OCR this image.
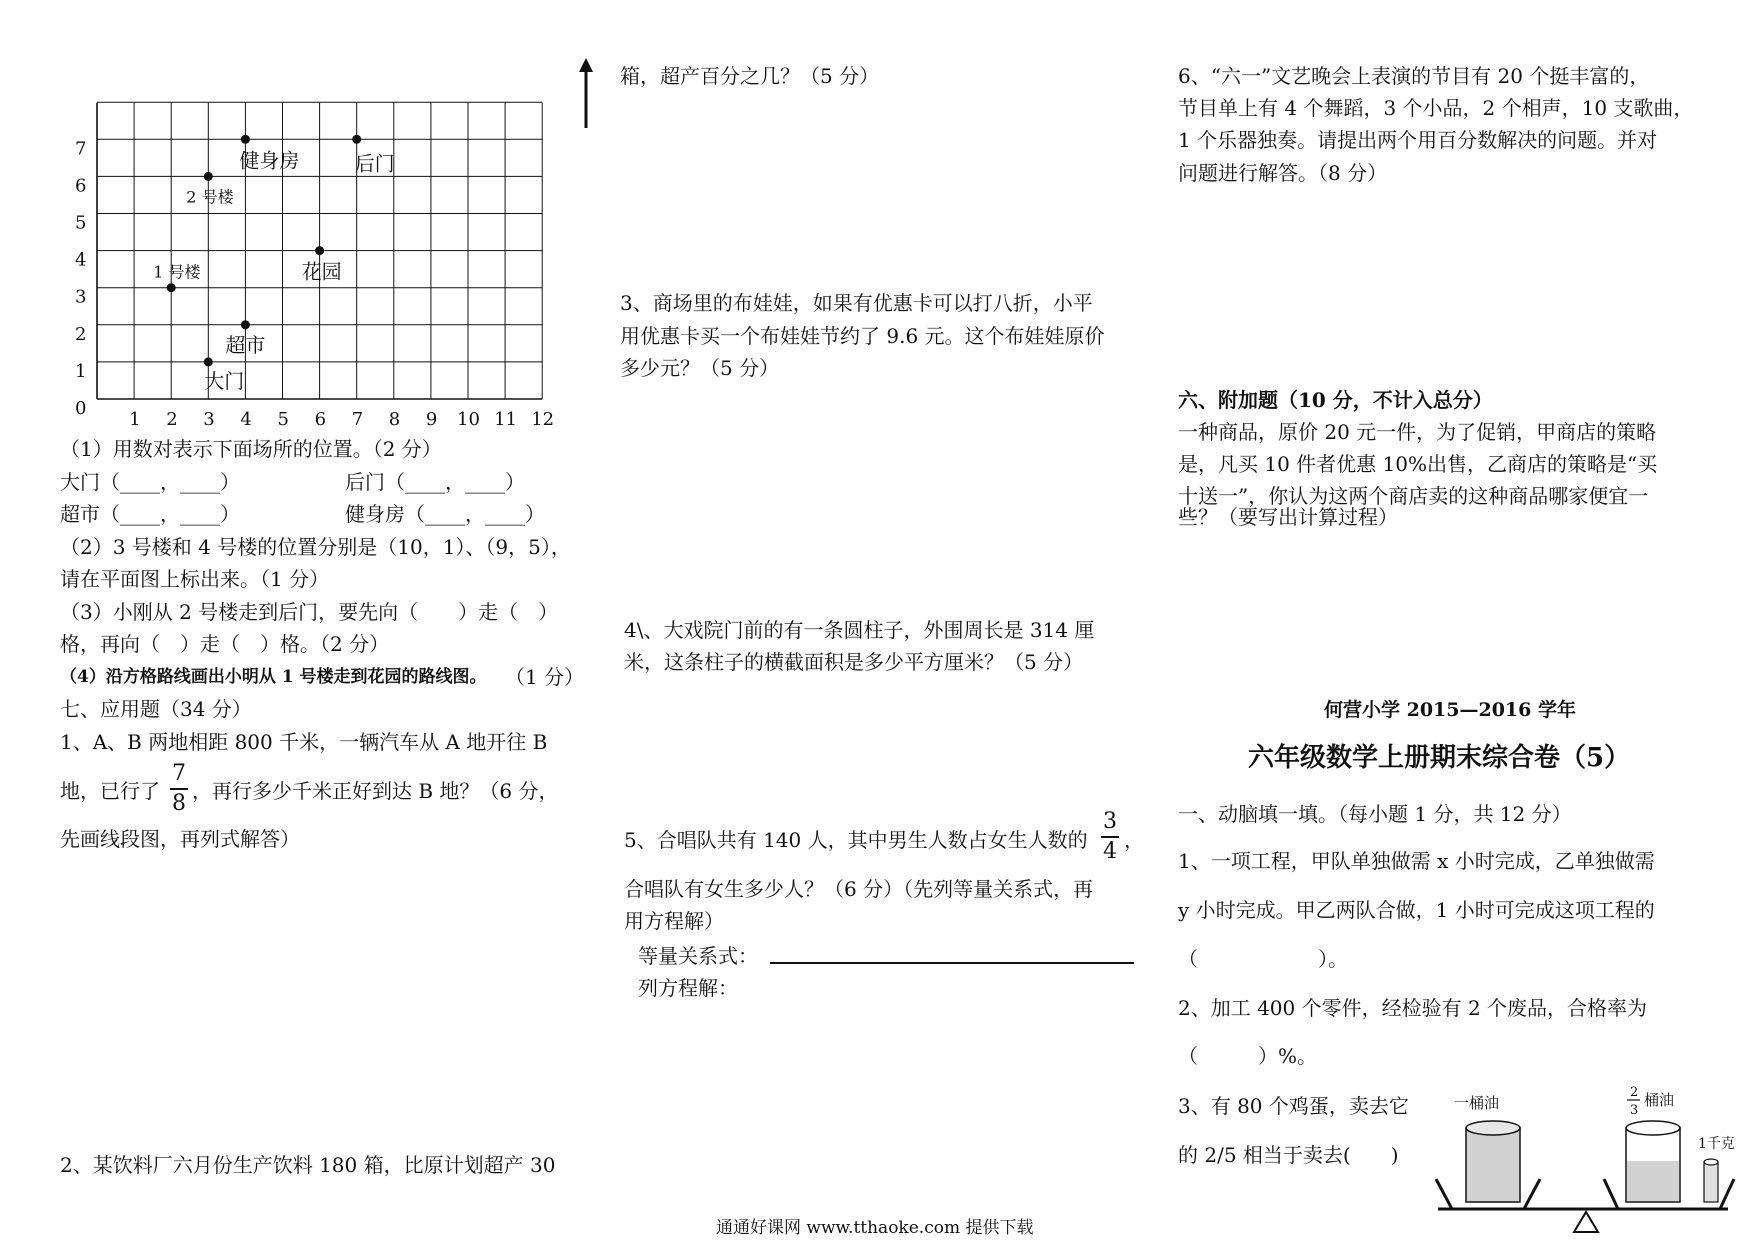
0
1
2
3
4
5
6
7
1 2 3 4 5 6 7 8 9 10 11 12
健身房	后门
2 号楼
花园
1 号楼
超市
大门
（1）用数对表示下面场所的位置。（2 分）
大门（____，____）	后门（____，____）
超市（____，____）	健身房（____，____）
（2）3 号楼和 4 号楼的位置分别是（10，1）、（9，5），
请在平面图上标出来。（1 分）
（3）小刚从 2 号楼走到后门，要先向（　　）走（　）
格，再向（　）走（　）格。（2 分）
（4）沿方格路线画出小明从 1 号楼走到花园的路线图。 （1 分）
七、应用题（34 分）
1、A、B 两地相距 800 千米，一辆汽车从 A 地开往 B
地，已行了
7
8 ，再行多少千米正好到达 B 地？（6 分，
先画线段图，再列式解答）
2、某饮料厂六月份生产饮料 180 箱，比原计划超产 30
箱，超产百分之几？（5 分）
3、商场里的布娃娃，如果有优惠卡可以打八折，小平
用优惠卡买一个布娃娃节约了 9.6 元。这个布娃娃原价
多少元？（5 分）
4\、大戏院门前的有一条圆柱子，外围周长是 314 厘
米，这条柱子的横截面积是多少平方厘米？（5 分）
5、合唱队共有 140 人，其中男生人数占女生人数的
3
4 ，
合唱队有女生多少人？（6 分）（先列等量关系式，再
用方程解）
等量关系式：
列方程解：
6、“六一”文艺晚会上表演的节目有 20 个挺丰富的，
节目单上有 4 个舞蹈，3 个小品，2 个相声，10 支歌曲，
1 个乐器独奏。请提出两个用百分数解决的问题。并对
问题进行解答。（8 分）
六、附加题（10 分，不计入总分）
一种商品，原价 20 元一件，为了促销，甲商店的策略
是，凡买 10 件者优惠 10%出售，乙商店的策略是“买
十送一”，你认为这两个商店卖的这种商品哪家便宜一
些？（要写出计算过程）
何营小学 2015—2016 学年
六年级数学上册期末综合卷（5）
一、动脑填一填。（每小题 1 分，共 12 分）
1、一项工程，甲队单独做需 x 小时完成，乙单独做需
y 小时完成。甲乙两队合做，1 小时可完成这项工程的
（　　　　　　）。
2、加工 400 个零件，经检验有 2 个废品，合格率为
（　　　）%。
3、有 80 个鸡蛋，卖去它
的 2/5 相当于卖去(　　)
一桶油
2
3
桶油
1千克
通通好课网 www.tthaoke.com 提供下载
